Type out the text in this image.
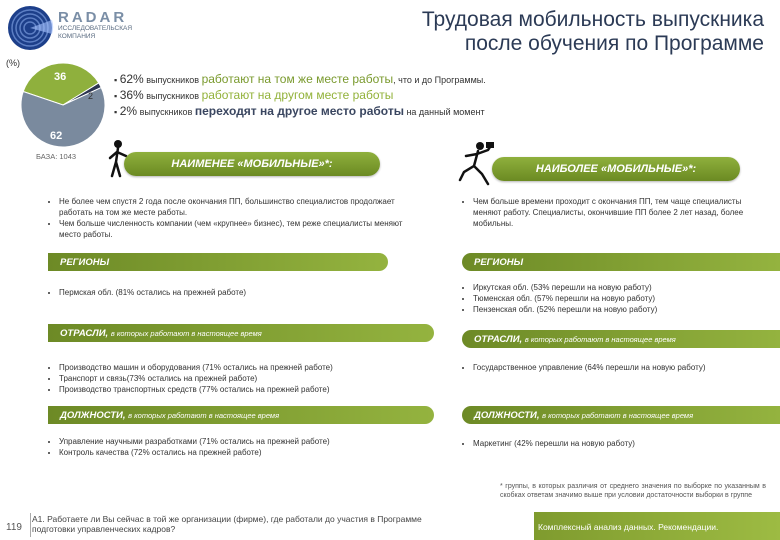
RADAR
ИССЛЕДОВАТЕЛЬСКАЯ КОМПАНИЯ
Трудовая мобильность выпускника
после обучения по Программе
(%)
36
2
62
БАЗА: 1043
▪ 62% выпускников работают на том же месте работы, что и до Программы.
▪ 36% выпускников работают на другом месте работы
▪ 2% выпускников переходят на другое место работы на данный момент
НАИМЕНЕЕ «МОБИЛЬНЫЕ»*:	НАИБОЛЕЕ «МОБИЛЬНЫЕ»*:
• Не более чем спустя 2 года после окончания ПП, большинство специалистов продолжает работать на том же месте работы.
• Чем больше численность компании (чем «крупнее» бизнес), тем реже специалисты меняют место работы.
• Чем больше времени проходит с окончания ПП, тем чаще специалисты меняют работу. Специалисты, окончившие ПП более 2 лет назад, более мобильны.
РЕГИОНЫ	РЕГИОНЫ
• Пермская обл. (81% остались на прежней работе)
• Иркутская обл. (53% перешли на новую работу)
• Тюменская обл. (57% перешли на новую работу)
• Пензенская обл. (52% перешли на новую работу)
ОТРАСЛИ,
в которых работают в настоящее время
ОТРАСЛИ,
в которых работают в настоящее время
• Производство машин и оборудования (71% остались на прежней работе)
• Транспорт и связь(73% остались на прежней работе)
• Производство транспортных средств (77% остались на прежней работе)
• Государственное управление (64% перешли на новую работу)
ДОЛЖНОСТИ,
в которых работают в настоящее время	ДОЛЖНОСТИ,
в которых работают в настоящее время
• Управление научными разработками (71% остались на прежней работе)
• Контроль качества (72% остались на прежней работе)
• Маркетинг (42% перешли на новую работу)
* группы, в которых различия от среднего значения по выборке по указанным в скобках ответам значимо выше при условии достаточности выборки в группе
119
А1. Работаете ли Вы сейчас в той же организации (фирме), где работали до участия в Программе подготовки управленческих кадров?	Комплексный анализ данных. Рекомендации.
